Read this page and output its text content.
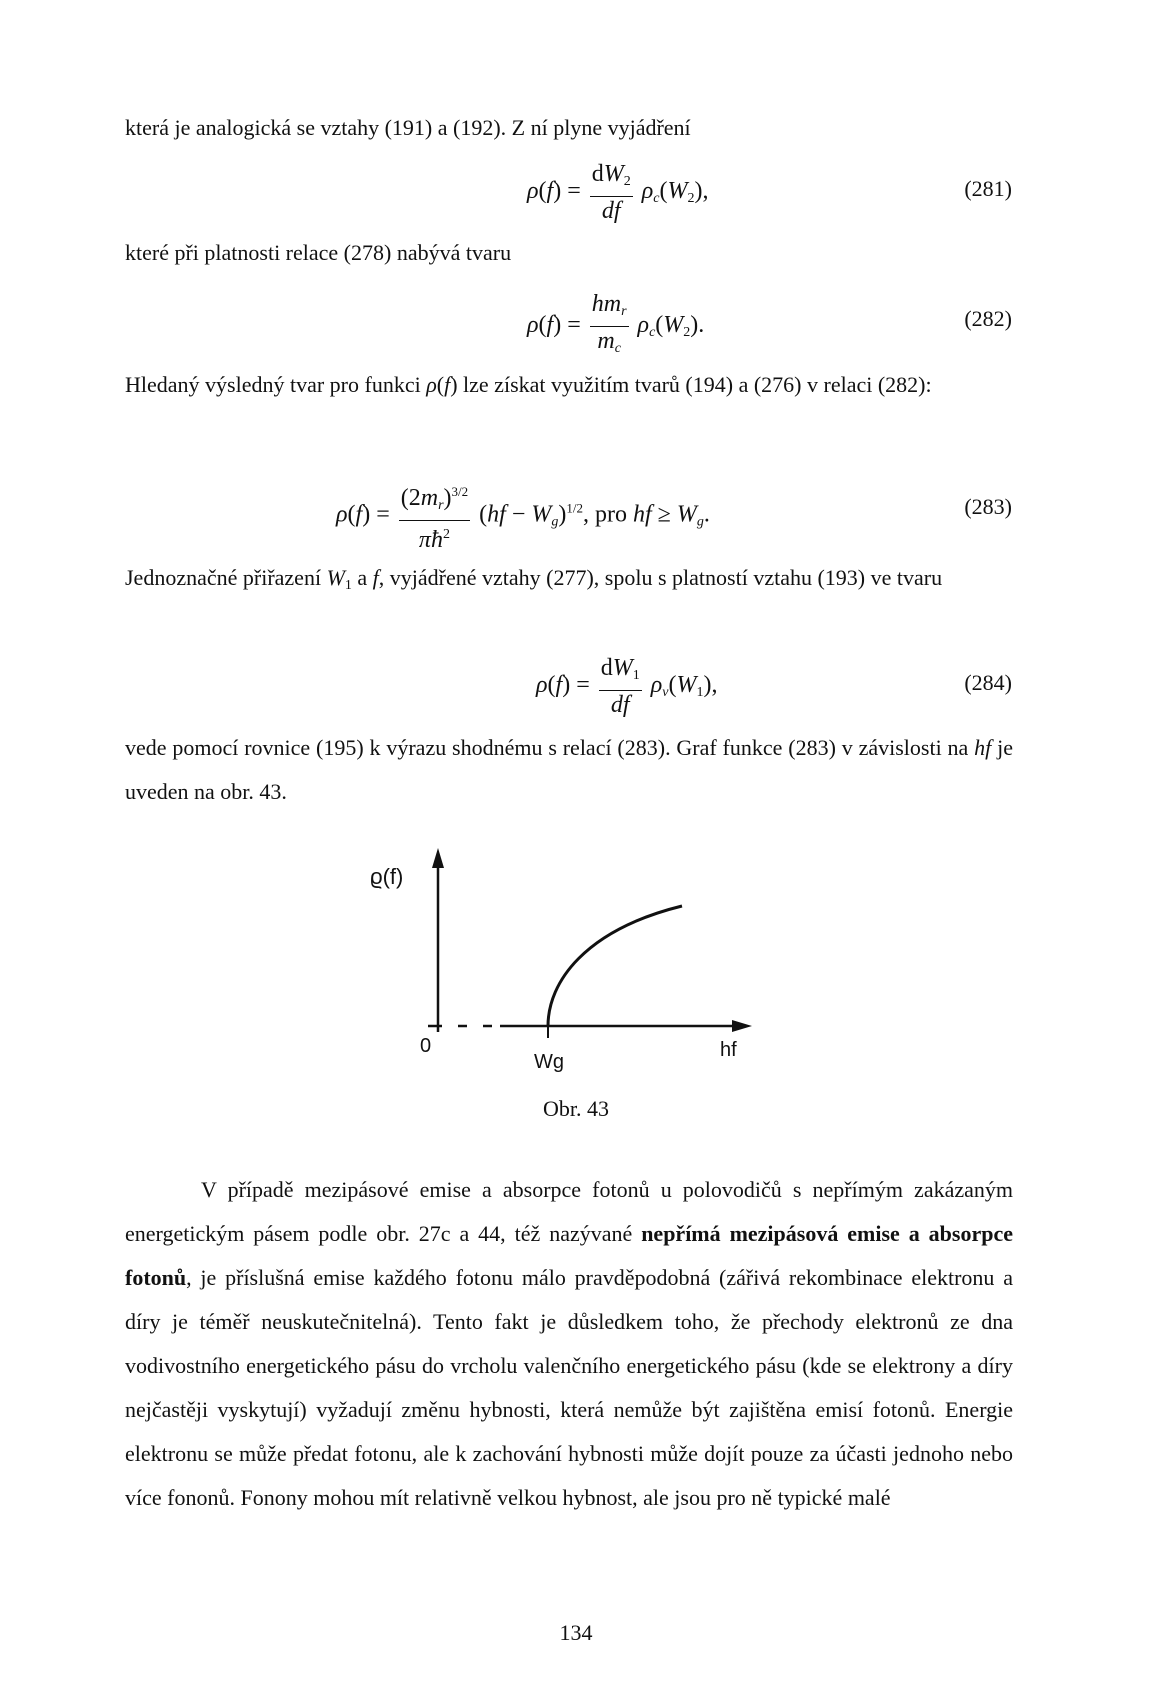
která je analogická se vztahy (191) a (192). Z ní plyne vyjádření
$\rho(f) = \frac{dW_2}{df} \rho_c(W_2)$,	(281)
které při platnosti relace (278) nabývá tvaru
$\rho(f) = \frac{hm_r}{m_c} \rho_c(W_2)$.	(282)
Hledaný výsledný tvar pro funkci ρ(f) lze získat využitím tvarů (194) a (276) v relaci (282):
$\rho(f) = \frac{(2m_r)^{3/2}}{\pi ħ^2} (hf - W_g)^{1/2}$, pro hf ≥ $W_g$.	(283)
Jednoznačné přiřazení $W_1$ a f, vyjádřené vztahy (277), spolu s platností vztahu (193) ve tvaru
$\rho(f) = \frac{dW_1}{df} \rho_v(W_1)$,	(284)
vede pomocí rovnice (195) k výrazu shodnému s relací (283). Graf funkce (283) v závislosti na hf je uveden na obr. 43.
ϱ(f)
0
Wg
hf
Obr. 43
V případě mezipásové emise a absorpce fotonů u polovodičů s nepřímým zakázaným energetickým pásem podle obr. 27c a 44, též nazývané nepřímá mezipásová emise a absorpce fotonů, je příslušná emise každého fotonu málo pravděpodobná (zářivá rekombinace elektronu a díry je téměř neuskutečnitelná). Tento fakt je důsledkem toho, že přechody elektronů ze dna vodivostního energetického pásu do vrcholu valenčního energetického pásu (kde se elektrony a díry nejčastěji vyskytují) vyžadují změnu hybnosti, která nemůže být zajištěna emisí fotonů. Energie elektronu se může předat fotonu, ale k zachování hybnosti může dojít pouze za účasti jednoho nebo více fononů. Fonony mohou mít relativně velkou hybnost, ale jsou pro ně typické malé
134
